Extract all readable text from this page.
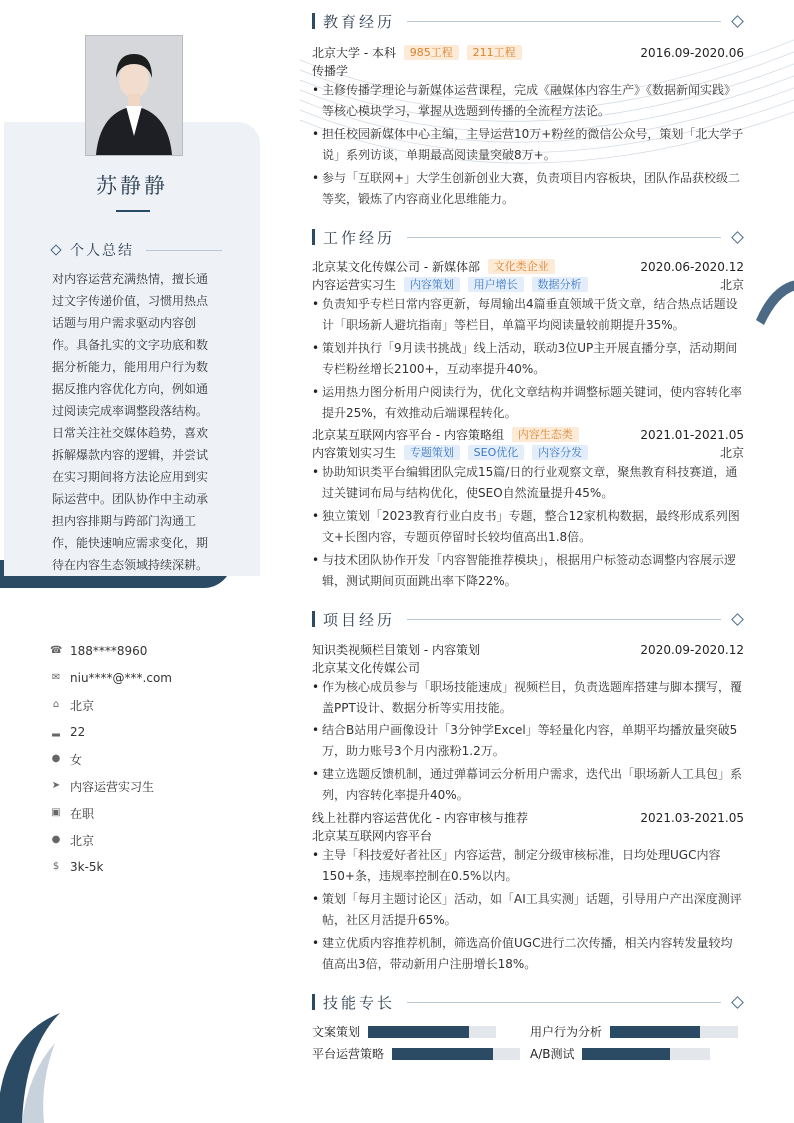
苏静静
个人总结
对内容运营充满热情，擅长通过文字传递价值，习惯用热点话题与用户需求驱动内容创作。具备扎实的文字功底和数据分析能力，能用用户行为数据反推内容优化方向，例如通过阅读完成率调整段落结构。日常关注社交媒体趋势，喜欢拆解爆款内容的逻辑，并尝试在实习期间将方法论应用到实际运营中。团队协作中主动承担内容排期与跨部门沟通工作，能快速响应需求变化，期待在内容生态领域持续深耕。
☎ 188****8960
✉ niu****@***.com
⌂ 北京
▂ 22
● 女
➤ 内容运营实习生
▣ 在职
● 北京
$ 3k-5k
教育经历
北京大学 - 本科 985工程 211工程	2016.09-2020.06
传播学
• 主修传播学理论与新媒体运营课程，完成《融媒体内容生产》《数据新闻实践》等核心模块学习，掌握从选题到传播的全流程方法论。
• 担任校园新媒体中心主编，主导运营10万+粉丝的微信公众号，策划「北大学子说」系列访谈，单期最高阅读量突破8万+。
• 参与「互联网+」大学生创新创业大赛，负责项目内容板块，团队作品获校级二等奖，锻炼了内容商业化思维能力。
工作经历
北京某文化传媒公司 - 新媒体部 文化类企业	2020.06-2020.12
内容运营实习生 内容策划 用户增长 数据分析	北京
• 负责知乎专栏日常内容更新，每周输出4篇垂直领域干货文章，结合热点话题设计「职场新人避坑指南」等栏目，单篇平均阅读量较前期提升35%。
• 策划并执行「9月读书挑战」线上活动，联动3位UP主开展直播分享，活动期间专栏粉丝增长2100+，互动率提升40%。
• 运用热力图分析用户阅读行为，优化文章结构并调整标题关键词，使内容转化率提升25%，有效推动后端课程转化。
北京某互联网内容平台 - 内容策略组 内容生态类	2021.01-2021.05
内容策划实习生 专题策划 SEO优化 内容分发	北京
• 协助知识类平台编辑团队完成15篇/日的行业观察文章，聚焦教育科技赛道，通过关键词布局与结构优化，使SEO自然流量提升45%。
• 独立策划「2023教育行业白皮书」专题，整合12家机构数据，最终形成系列图文+长图内容，专题页停留时长较均值高出1.8倍。
• 与技术团队协作开发「内容智能推荐模块」，根据用户标签动态调整内容展示逻辑，测试期间页面跳出率下降22%。
项目经历
知识类视频栏目策划 - 内容策划	2020.09-2020.12
北京某文化传媒公司
• 作为核心成员参与「职场技能速成」视频栏目，负责选题库搭建与脚本撰写，覆盖PPT设计、数据分析等实用技能。
• 结合B站用户画像设计「3分钟学Excel」等轻量化内容，单期平均播放量突破5万，助力账号3个月内涨粉1.2万。
• 建立选题反馈机制，通过弹幕词云分析用户需求，迭代出「职场新人工具包」系列，内容转化率提升40%。
线上社群内容运营优化 - 内容审核与推荐	2021.03-2021.05
北京某互联网内容平台
• 主导「科技爱好者社区」内容运营，制定分级审核标准，日均处理UGC内容150+条，违规率控制在0.5%以内。
• 策划「每月主题讨论区」活动，如「AI工具实测」话题，引导用户产出深度测评帖，社区月活提升65%。
• 建立优质内容推荐机制，筛选高价值UGC进行二次传播，相关内容转发量较均值高出3倍，带动新用户注册增长18%。
技能专长
文案策划	用户行为分析
平台运营策略	A/B测试
